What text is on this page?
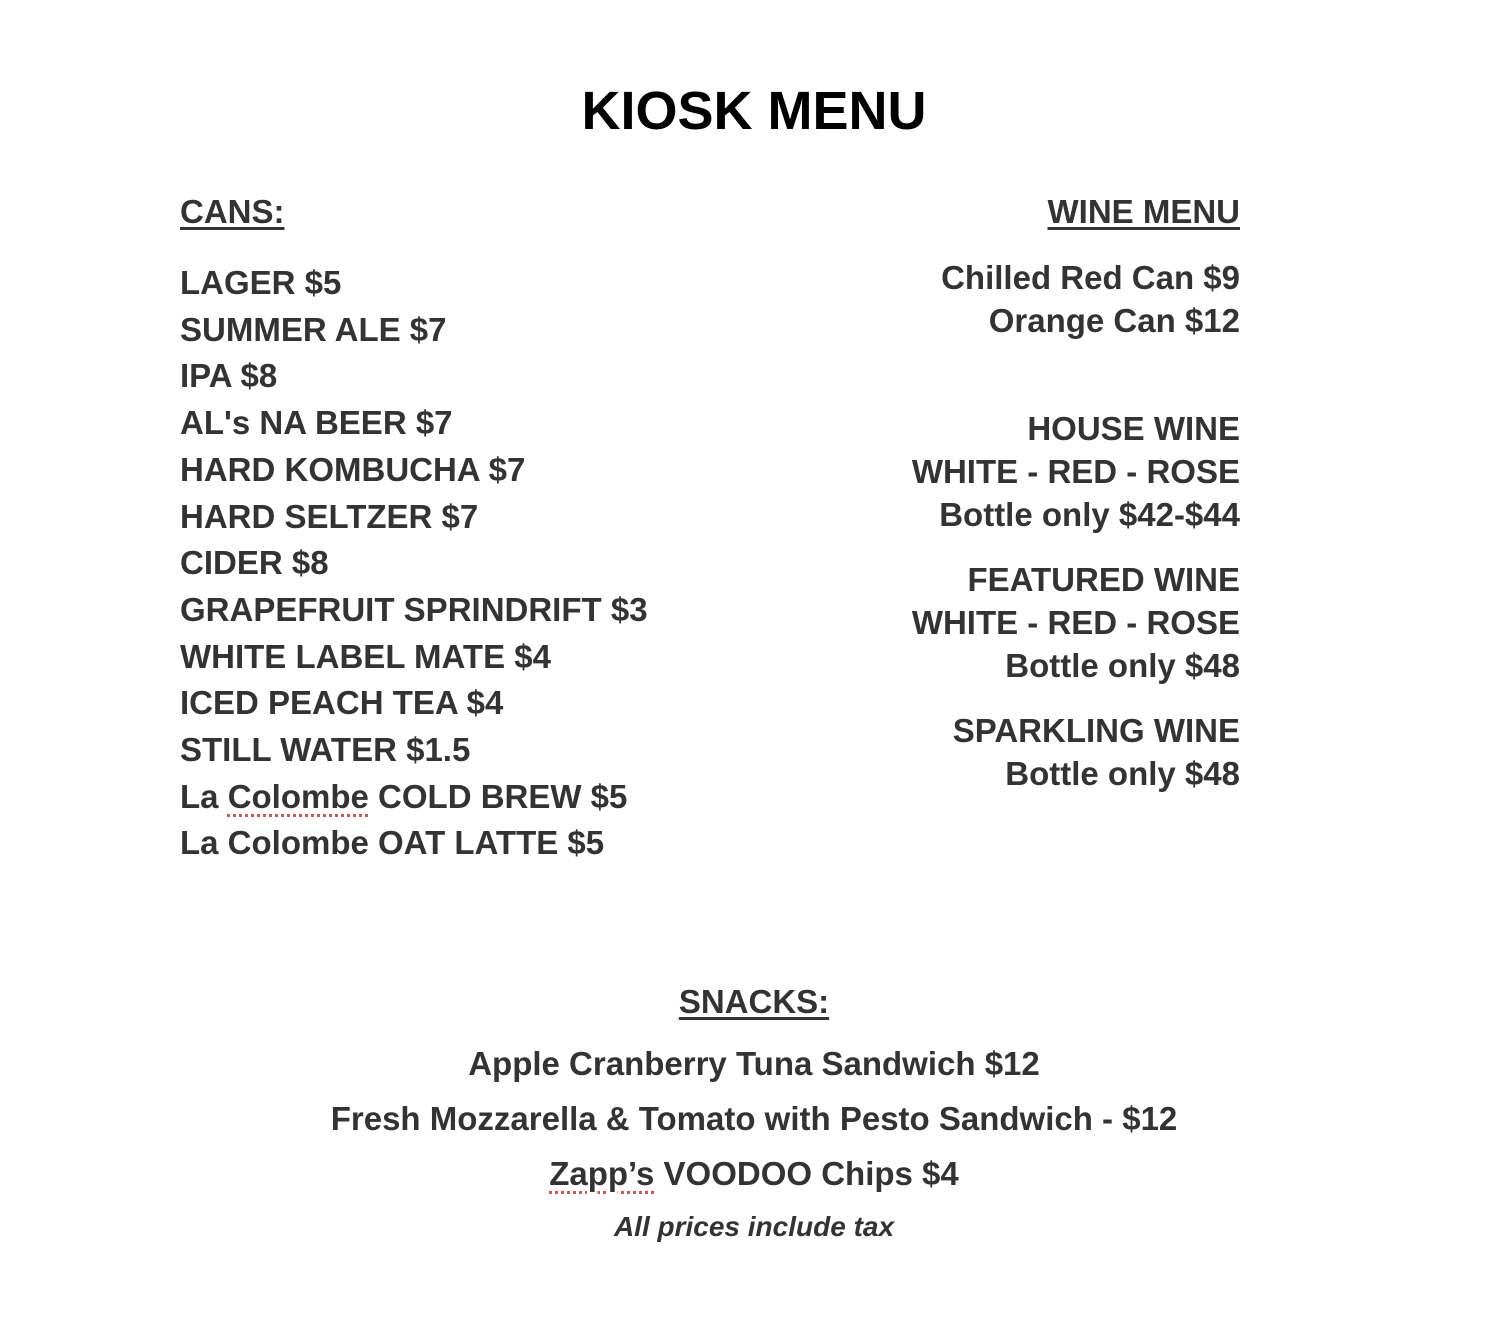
KIOSK MENU
CANS:
LAGER $5
SUMMER ALE $7
IPA $8
AL's NA BEER $7
HARD KOMBUCHA $7
HARD SELTZER $7
CIDER $8
GRAPEFRUIT SPRINDRIFT $3
WHITE LABEL MATE $4
ICED PEACH TEA $4
STILL WATER $1.5
La Colombe COLD BREW $5
La Colombe OAT LATTE $5
WINE MENU
Chilled Red Can $9
Orange Can $12
HOUSE WINE
WHITE - RED - ROSE
Bottle only $42-$44
FEATURED WINE
WHITE - RED - ROSE
Bottle only $48
SPARKLING WINE
Bottle only $48
SNACKS:
Apple Cranberry Tuna Sandwich $12
Fresh Mozzarella & Tomato with Pesto Sandwich - $12
Zapp’s VOODOO Chips $4
All prices include tax
